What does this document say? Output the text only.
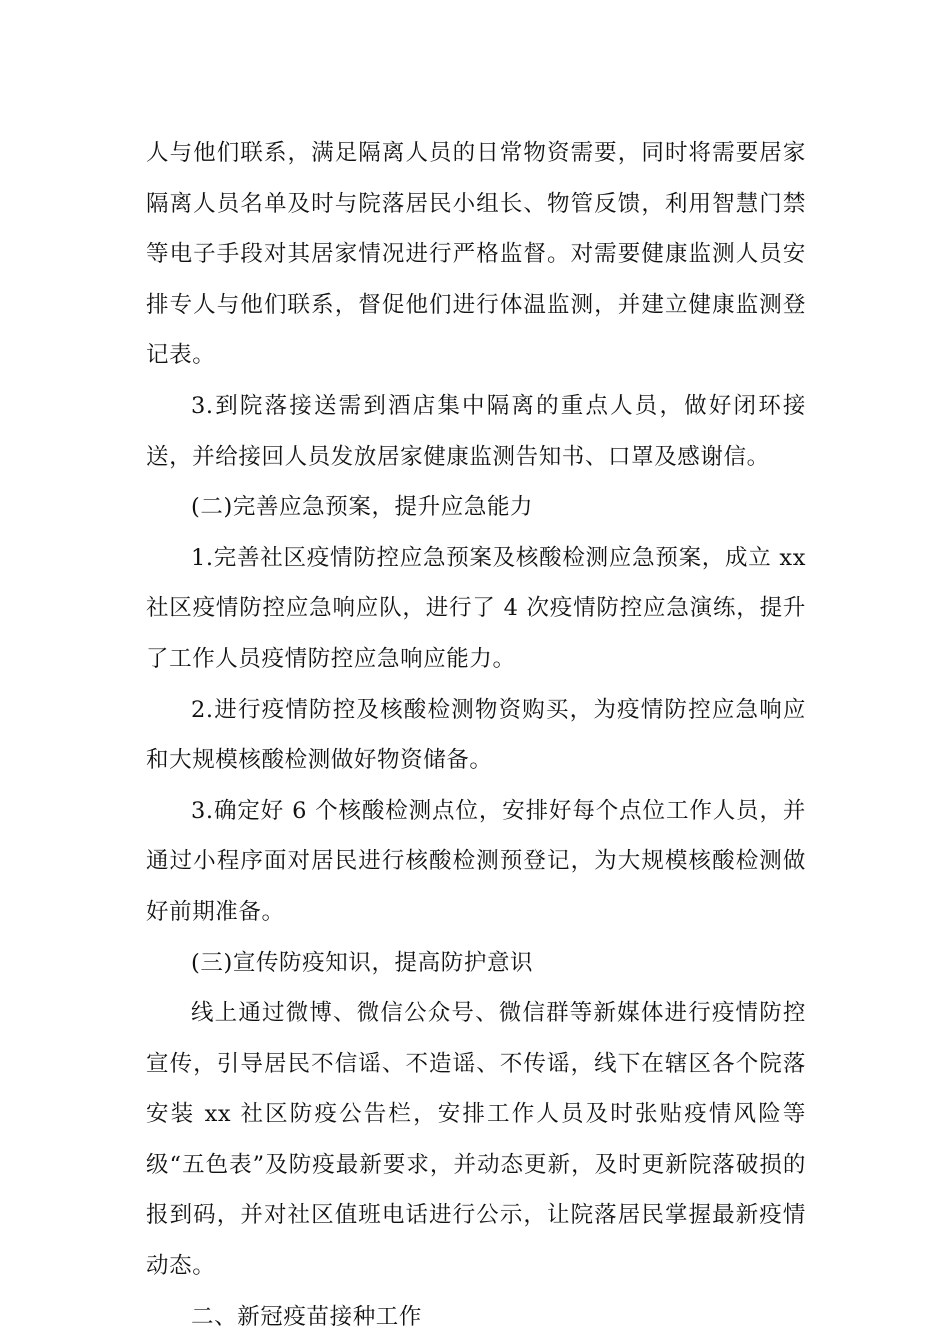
人与他们联系，满足隔离人员的日常物资需要，同时将需要居家隔离人员名单及时与院落居民小组长、物管反馈，利用智慧门禁等电子手段对其居家情况进行严格监督。对需要健康监测人员安排专人与他们联系，督促他们进行体温监测，并建立健康监测登记表。

3.到院落接送需到酒店集中隔离的重点人员，做好闭环接送，并给接回人员发放居家健康监测告知书、口罩及感谢信。

(二)完善应急预案，提升应急能力

1.完善社区疫情防控应急预案及核酸检测应急预案，成立 xx 社区疫情防控应急响应队，进行了 4 次疫情防控应急演练，提升了工作人员疫情防控应急响应能力。

2.进行疫情防控及核酸检测物资购买，为疫情防控应急响应和大规模核酸检测做好物资储备。

3.确定好 6 个核酸检测点位，安排好每个点位工作人员，并通过小程序面对居民进行核酸检测预登记，为大规模核酸检测做好前期准备。

(三)宣传防疫知识，提高防护意识

线上通过微博、微信公众号、微信群等新媒体进行疫情防控宣传，引导居民不信谣、不造谣、不传谣，线下在辖区各个院落安装 xx 社区防疫公告栏，安排工作人员及时张贴疫情风险等级“五色表”及防疫最新要求，并动态更新，及时更新院落破损的报到码，并对社区值班电话进行公示，让院落居民掌握最新疫情动态。

二、新冠疫苗接种工作
